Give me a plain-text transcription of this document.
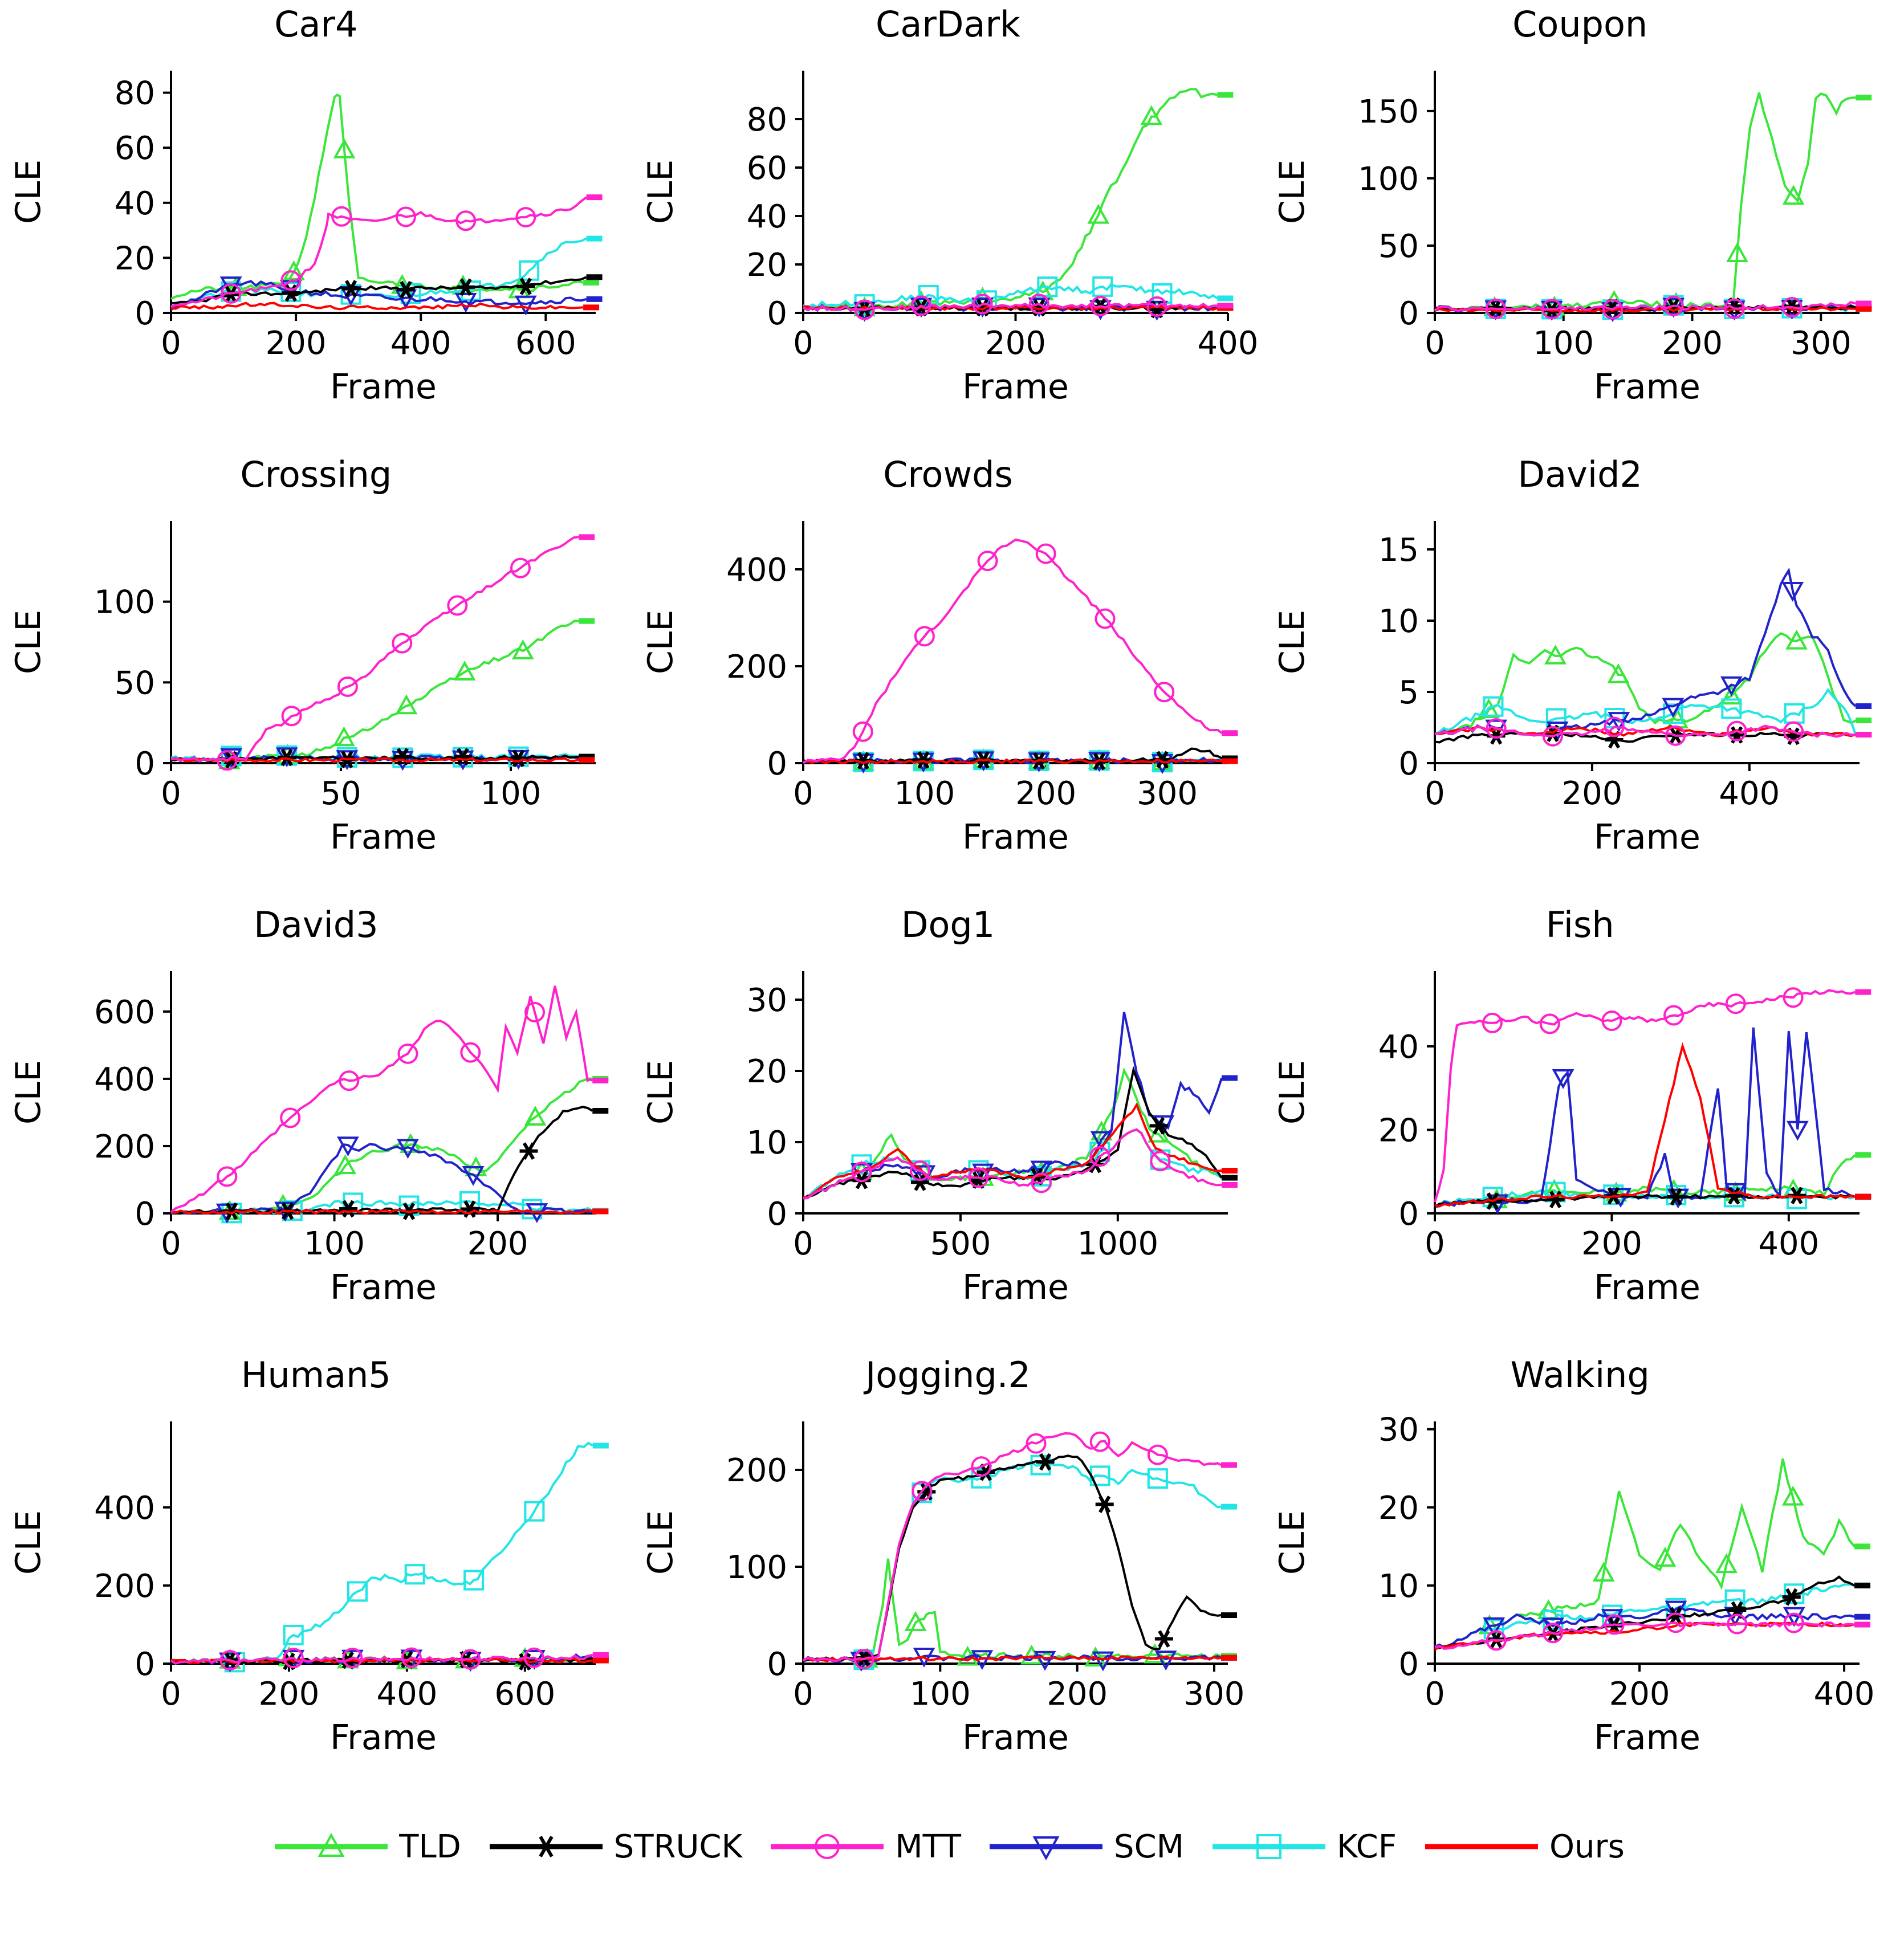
Car4
0	200 400 600
0
20
40
60
80
Frame
CLE
CarDark
0	200	400
0
20
40
60
80
Frame
CLE
Coupon
0	100 200 300
0
50
100
150
Frame
CLE
Crossing
0	50	100
0
50
100
Frame
CLE
Crowds
0	100 200 300
0
200
400
Frame
CLE
David2
0	200	400
0
5
10
15
Frame
CLE
David3
0	100	200
0
200
400
600
Frame
CLE
Dog1
0	500	1000
0
10
20
30
Frame
CLE
Fish
0	200	400
0
20
40
Frame
CLE
Human5
0 200 400 600
0
200
400
Frame
CLE
Jogging.2
0	100 200 300
0
100
200
Frame
CLE
Walking
0	200	400
0
10
20
30
Frame
CLE
TLD	STRUCK	MTT	SCM	KCF	Ours
